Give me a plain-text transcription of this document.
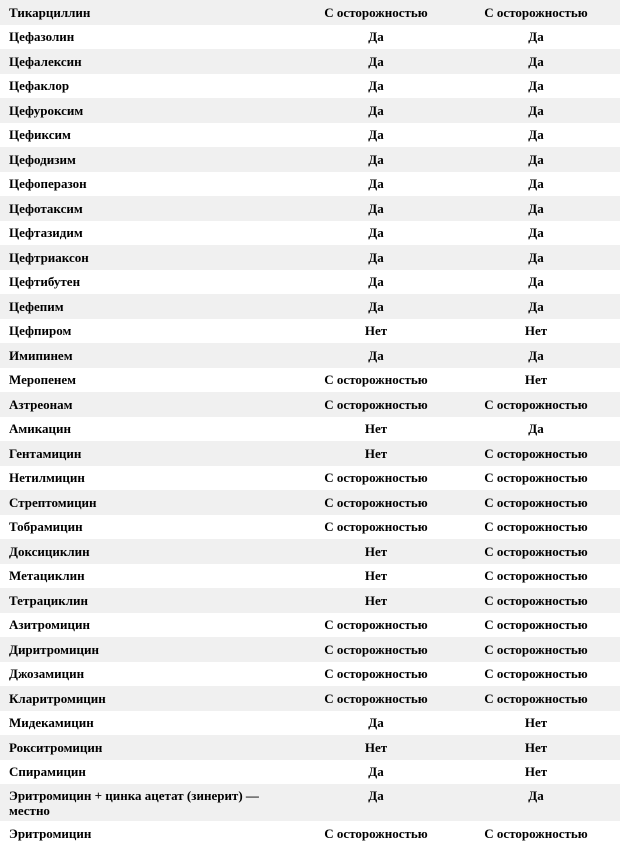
Тикарциллин	С осторожностью	С осторожностью
Цефазолин	Да	Да
Цефалексин	Да	Да
Цефаклор	Да	Да
Цефуроксим	Да	Да
Цефиксим	Да	Да
Цефодизим	Да	Да
Цефоперазон	Да	Да
Цефотаксим	Да	Да
Цефтазидим	Да	Да
Цефтриаксон	Да	Да
Цефтибутен	Да	Да
Цефепим	Да	Да
Цефпиром	Нет	Нет
Имипинем	Да	Да
Меропенем	С осторожностью	Нет
Азтреонам	С осторожностью	С осторожностью
Амикацин	Нет	Да
Гентамицин	Нет	С осторожностью
Нетилмицин	С осторожностью	С осторожностью
Стрептомицин	С осторожностью	С осторожностью
Тобрамицин	С осторожностью	С осторожностью
Доксициклин	Нет	С осторожностью
Метациклин	Нет	С осторожностью
Тетрациклин	Нет	С осторожностью
Азитромицин	С осторожностью	С осторожностью
Диритромицин	С осторожностью	С осторожностью
Джозамицин	С осторожностью	С осторожностью
Кларитромицин	С осторожностью	С осторожностью
Мидекамицин	Да	Нет
Рокситромицин	Нет	Нет
Спирамицин	Да	Нет
Эритромицин + цинка ацетат (зинерит) — местно	Да	Да
Эритромицин	С осторожностью	С осторожностью
